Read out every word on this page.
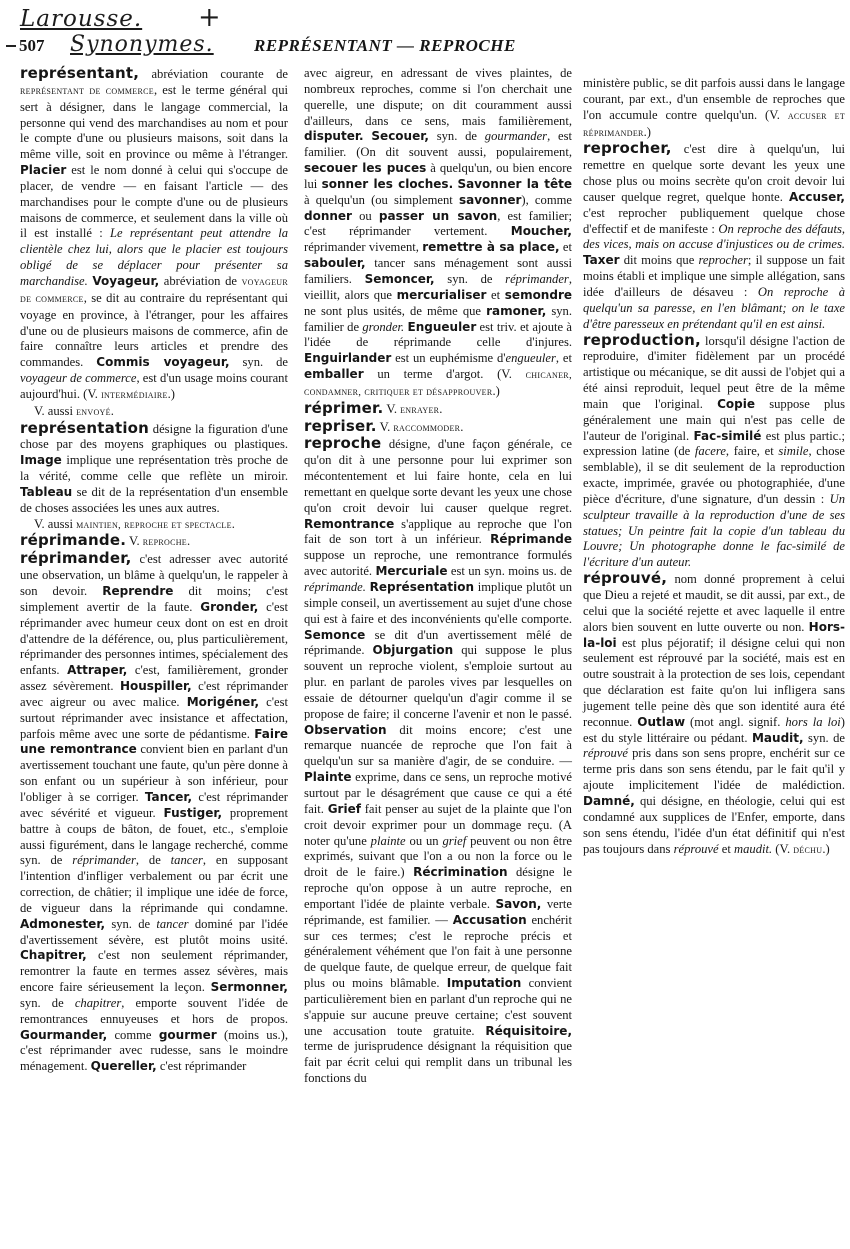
Larousse. +
507 Synonymes. REPRÉSENTANT — REPROCHE

représentant, abréviation courante de représentant de commerce, est le terme général qui sert à désigner, dans le langage commercial, la personne qui vend des marchandises au nom et pour le compte d'une ou plusieurs maisons, soit dans la même ville, soit en province ou même à l'étranger. Placier est le nom donné à celui qui s'occupe de placer, de vendre — en faisant l'article — des marchandises pour le compte d'une ou de plusieurs maisons de commerce, et seulement dans la ville où il est installé : Le représentant peut attendre la clientèle chez lui, alors que le placier est toujours obligé de se déplacer pour présenter sa marchandise. Voyageur, abréviation de voyageur de commerce, se dit au contraire du représentant qui voyage en province, à l'étranger, pour les affaires d'une ou de plusieurs maisons de commerce, afin de faire connaître leurs articles et prendre des commandes. Commis voyageur, syn. de voyageur de commerce, est d'un usage moins courant aujourd'hui. (V. intermédiaire.)

V. aussi envoyé.

représentation désigne la figuration d'une chose par des moyens graphiques ou plastiques. Image implique une représentation très proche de la vérité, comme celle que reflète un miroir. Tableau se dit de la représentation d'un ensemble de choses associées les unes aux autres.

V. aussi maintien, reproche et spectacle.

réprimande. V. reproche.

réprimander, c'est adresser avec autorité une observation, un blâme à quelqu'un, le rappeler à son devoir. Reprendre dit moins; c'est simplement avertir de la faute. Gronder, c'est réprimander avec humeur ceux dont on est en droit d'attendre de la déférence, ou, plus particulièrement, réprimander des personnes intimes, spécialement des enfants. Attraper, c'est, familièrement, gronder assez sévèrement. Houspiller, c'est réprimander avec aigreur ou avec malice. Morigéner, c'est surtout réprimander avec insistance et affectation, parfois même avec une sorte de pédantisme. Faire une remontrance convient bien en parlant d'un avertissement touchant une faute, qu'un père donne à son enfant ou un supérieur à son inférieur, pour l'obliger à se corriger. Tancer, c'est réprimander avec sévérité et vigueur. Fustiger, proprement battre à coups de bâton, de fouet, etc., s'emploie aussi figurément, dans le langage recherché, comme syn. de réprimander, de tancer, en supposant l'intention d'infliger verbalement ou par écrit une correction, de châtier; il implique une idée de force, de vigueur dans la réprimande qui condamne. Admonester, syn. de tancer dominé par l'idée d'avertissement sévère, est plutôt moins usité. Chapitrer, c'est non seulement réprimander, remontrer la faute en termes assez sévères, mais encore faire sérieusement la leçon. Sermonner, syn. de chapitrer, emporte souvent l'idée de remontrances ennuyeuses et hors de propos. Gourmander, comme gourmer (moins us.), c'est réprimander avec rudesse, sans le moindre ménagement. Quereller, c'est réprimander

avec aigreur, en adressant de vives plaintes, de nombreux reproches, comme si l'on cherchait une querelle, une dispute; on dit couramment aussi d'ailleurs, dans ce sens, mais familièrement, disputer. Secouer, syn. de gourmander, est familier. (On dit souvent aussi, populairement, secouer les puces à quelqu'un, ou bien encore lui sonner les cloches. Savonner la tête à quelqu'un (ou simplement savonner), comme donner ou passer un savon, est familier; c'est réprimander vertement. Moucher, réprimander vivement, remettre à sa place, et sabouler, tancer sans ménagement sont aussi familiers. Semoncer, syn. de réprimander, vieillit, alors que mercurialiser et semondre ne sont plus usités, de même que ramoner, syn. familier de gronder. Engueuler est triv. et ajoute à l'idée de réprimande celle d'injures. Enguirlander est un euphémisme d'engueuler, et emballer un terme d'argot. (V. chicaner, condamner, critiquer et désapprouver.)

réprimer. V. enrayer.

repriser. V. raccommoder.

reproche désigne, d'une façon générale, ce qu'on dit à une personne pour lui exprimer son mécontentement et lui faire honte, cela en lui remettant en quelque sorte devant les yeux une chose qu'on croit devoir lui causer quelque regret. Remontrance s'applique au reproche que l'on fait de son tort à un inférieur. Réprimande suppose un reproche, une remontrance formulés avec autorité. Mercuriale est un syn. moins us. de réprimande. Représentation implique plutôt un simple conseil, un avertissement au sujet d'une chose qui est à faire et des inconvénients qu'elle comporte. Semonce se dit d'un avertissement mêlé de réprimande. Objurgation qui suppose le plus souvent un reproche violent, s'emploie surtout au plur. en parlant de paroles vives par lesquelles on essaie de détourner quelqu'un d'agir comme il se propose de faire; il concerne l'avenir et non le passé. Observation dit moins encore; c'est une remarque nuancée de reproche que l'on fait à quelqu'un sur sa manière d'agir, de se conduire. — Plainte exprime, dans ce sens, un reproche motivé surtout par le désagrément que cause ce qui a été fait. Grief fait penser au sujet de la plainte que l'on croit devoir exprimer pour un dommage reçu. (A noter qu'une plainte ou un grief peuvent ou non être exprimés, suivant que l'on a ou non la force ou le droit de le faire.) Récrimination désigne le reproche qu'on oppose à un autre reproche, en emportant l'idée de plainte verbale. Savon, verte réprimande, est familier. — Accusation enchérit sur ces termes; c'est le reproche précis et généralement véhément que l'on fait à une personne de quelque faute, de quelque erreur, de quelque fait plus ou moins blâmable. Imputation convient particulièrement bien en parlant d'un reproche qui ne s'appuie sur aucune preuve certaine; c'est souvent une accusation toute gratuite. Réquisitoire, terme de jurisprudence désignant la réquisition que fait par écrit celui qui remplit dans un tribunal les fonctions du

ministère public, se dit parfois aussi dans le langage courant, par ext., d'un ensemble de reproches que l'on accumule contre quelqu'un. (V. accuser et réprimander.)

reprocher, c'est dire à quelqu'un, lui remettre en quelque sorte devant les yeux une chose plus ou moins secrète qu'on croit devoir lui causer quelque regret, quelque honte. Accuser, c'est reprocher publiquement quelque chose d'effectif et de manifeste : On reproche des défauts, des vices, mais on accuse d'injustices ou de crimes. Taxer dit moins que reprocher; il suppose un fait moins établi et implique une simple allégation, sans idée d'ailleurs de désaveu : On reproche à quelqu'un sa paresse, en l'en blâmant; on le taxe d'être paresseux en prétendant qu'il en est ainsi.

reproduction, lorsqu'il désigne l'action de reproduire, d'imiter fidèlement par un procédé artistique ou mécanique, se dit aussi de l'objet qui a été ainsi reproduit, lequel peut être de la même main que l'original. Copie suppose plus généralement une main qui n'est pas celle de l'auteur de l'original. Fac-similé est plus partic.; expression latine (de facere, faire, et simile, chose semblable), il se dit seulement de la reproduction exacte, imprimée, gravée ou photographiée, d'une pièce d'écriture, d'une signature, d'un dessin : Un sculpteur travaille à la reproduction d'une de ses statues; Un peintre fait la copie d'un tableau du Louvre; Un photographe donne le fac-similé de l'écriture d'un auteur.

réprouvé, nom donné proprement à celui que Dieu a rejeté et maudit, se dit aussi, par ext., de celui que la société rejette et avec laquelle il entre alors bien souvent en lutte ouverte ou non. Hors-la-loi est plus péjoratif; il désigne celui qui non seulement est réprouvé par la société, mais est en outre soustrait à la protection de ses lois, cependant que déclaration est faite qu'on lui infligera sans jugement telle peine dès que son identité aura été reconnue. Outlaw (mot angl. signif. hors la loi) est du style littéraire ou pédant. Maudit, syn. de réprouvé pris dans son sens propre, enchérit sur ce terme pris dans son sens étendu, par le fait qu'il y ajoute implicitement l'idée de malédiction. Damné, qui désigne, en théologie, celui qui est condamné aux supplices de l'Enfer, emporte, dans son sens étendu, l'idée d'un état définitif qui n'est pas toujours dans réprouvé et maudit. (V. déchu.)
